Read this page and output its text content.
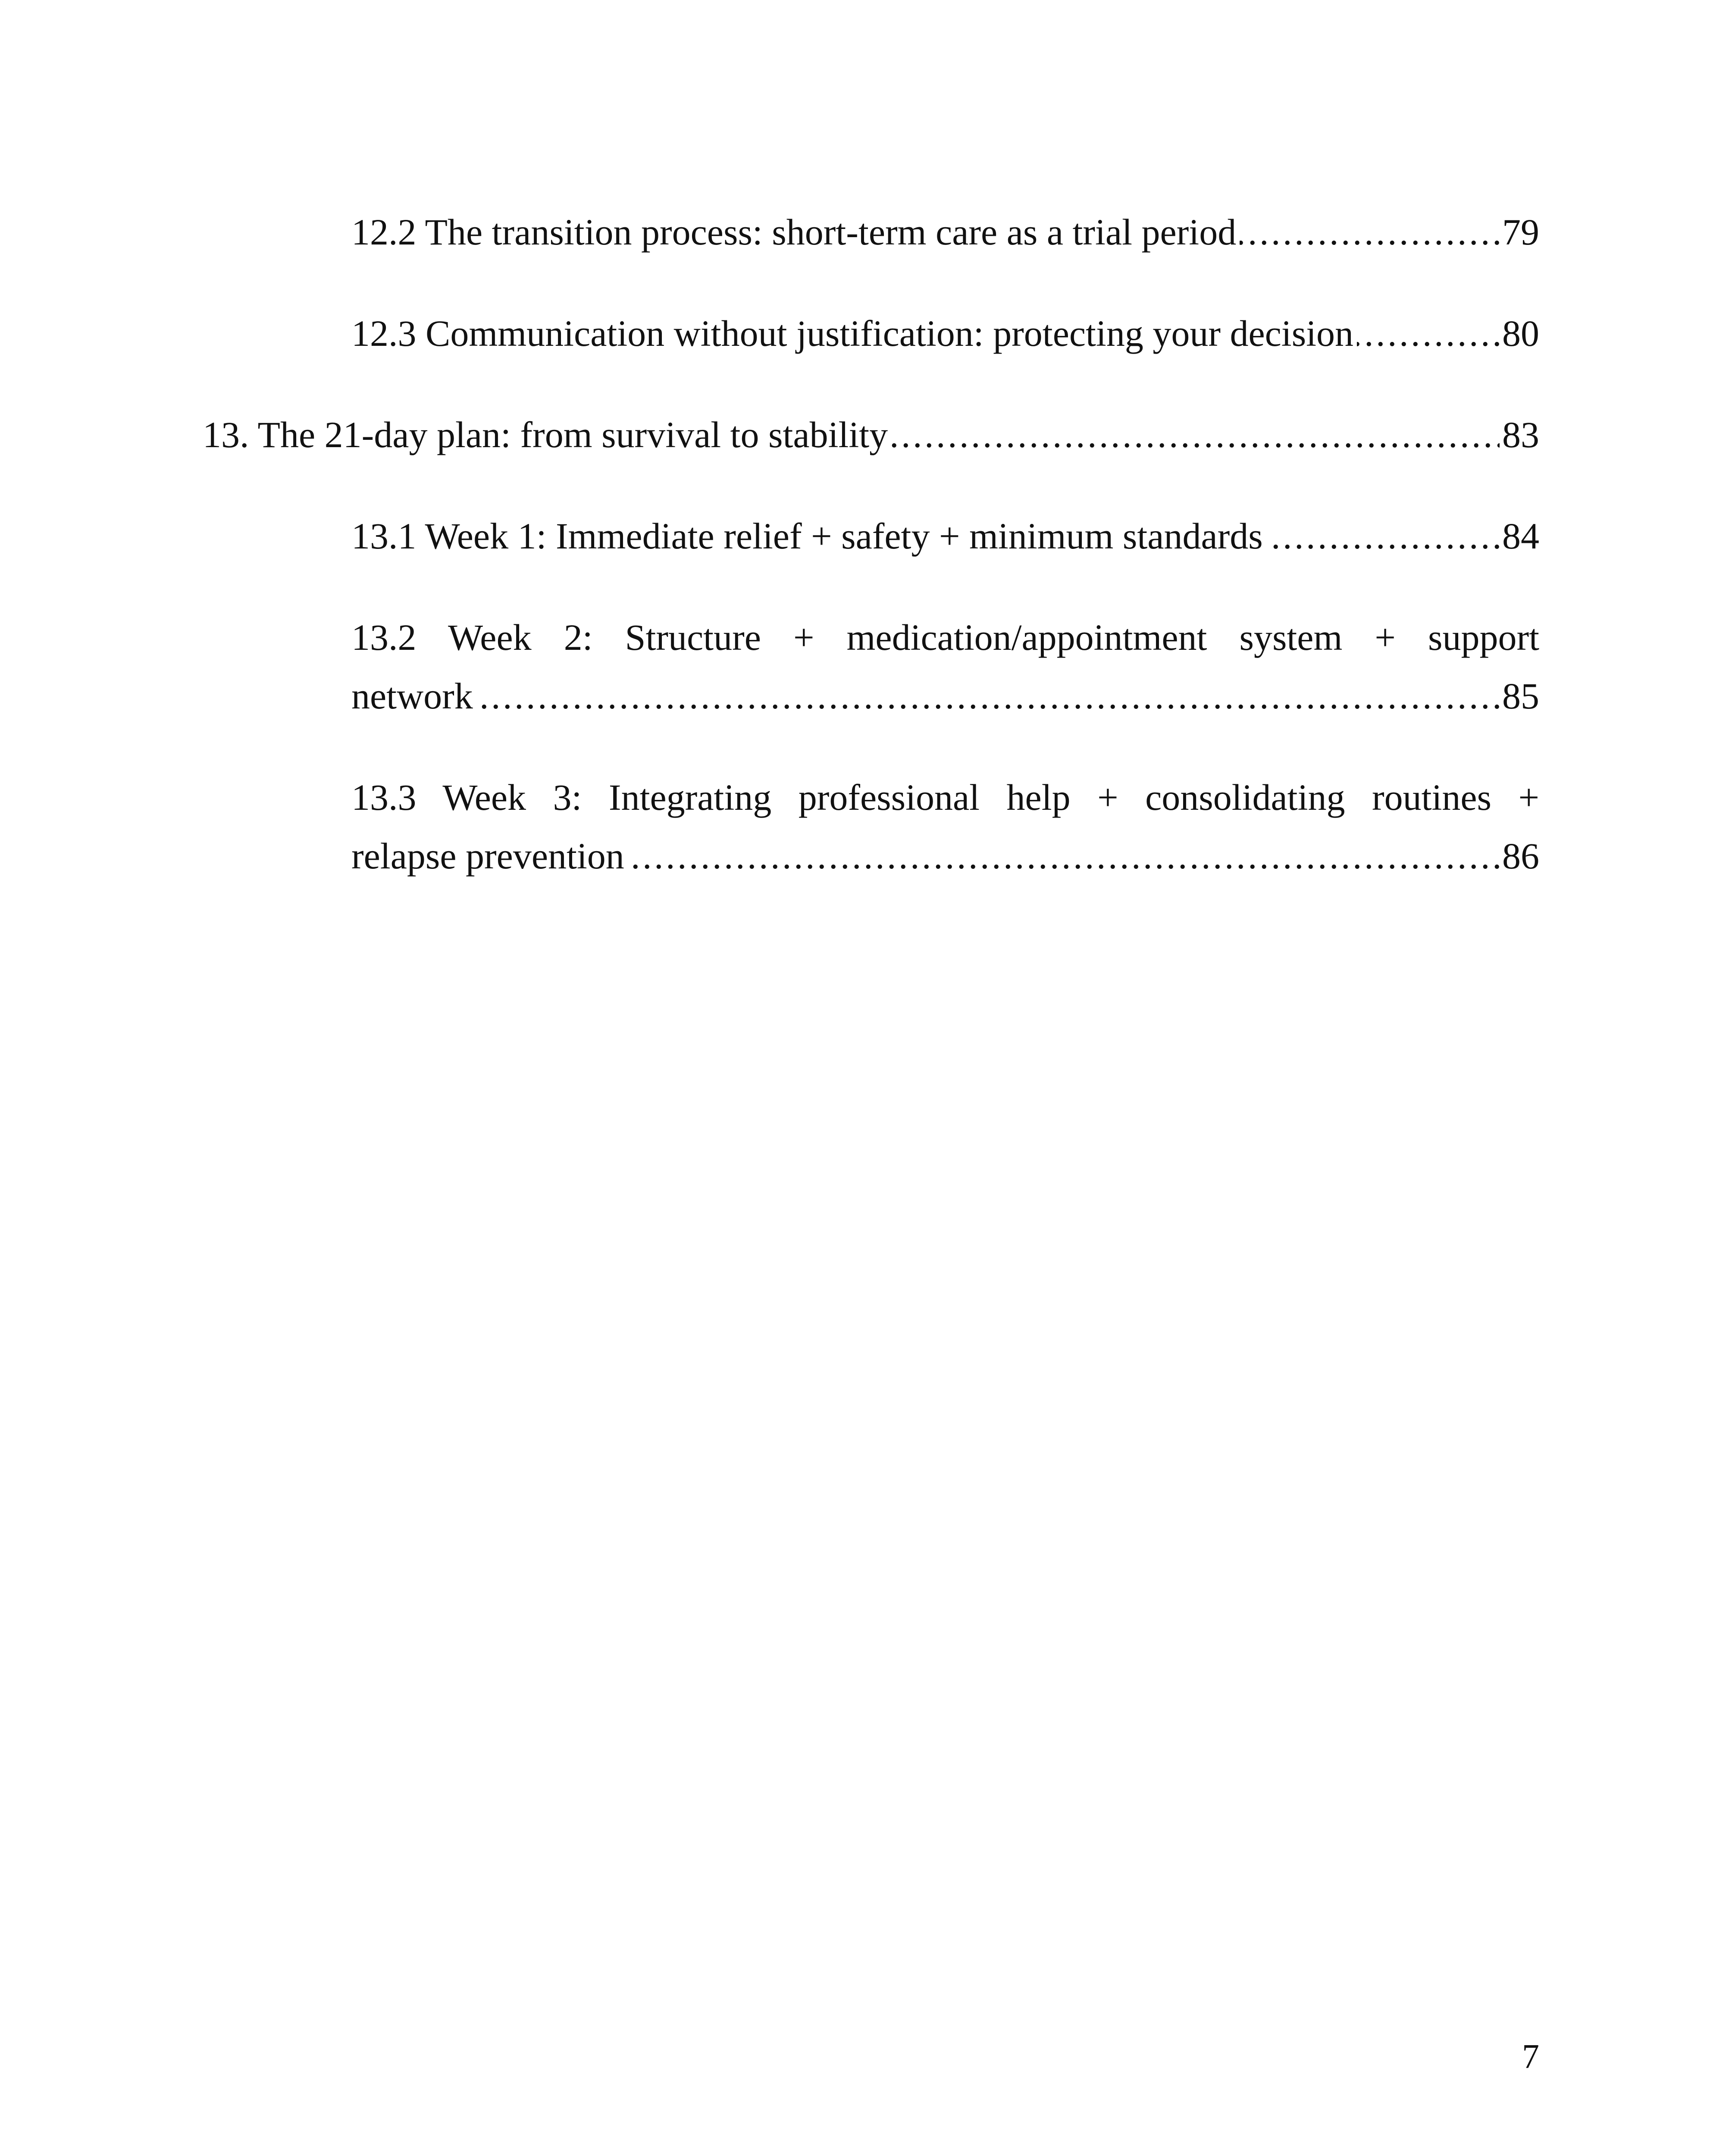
12.2 The transition process: short-term care as a trial period	79
. . .
12.3 Communication without justification: protecting your decision	80
. . .
13. The 21-day plan: from survival to stability	83
. . .
13.1 Week 1: Immediate relief + safety + minimum standards	84
. . .
13.2 Week 2: Structure + medication/appointment system + support
network	85
. . .
13.3 Week 3: Integrating professional help + consolidating routines +
relapse prevention	86
. . .
7
